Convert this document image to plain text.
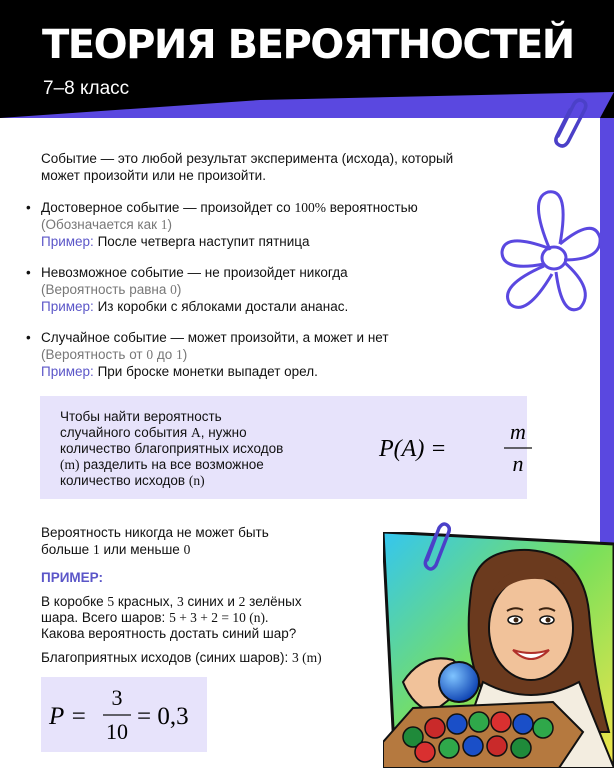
ТЕОРИЯ ВЕРОЯТНОСТЕЙ
7–8 класс
Событие — это любой результат эксперимента (исхода), который может произойти или не произойти.
• Достоверное событие — произойдет со 100% вероятностью
(Обозначается как 1)
Пример: После четверга наступит пятница
• Невозможное событие — не произойдет никогда
(Вероятность равна 0)
Пример: Из коробки с яблоками достали ананас.
• Случайное событие — может произойти, а может и нет
(Вероятность от 0 до 1)
Пример: При броске монетки выпадет орел.
Чтобы найти вероятность
случайного события A, нужно
количество благоприятных исходов
(m) разделить на все возможное
количество исходов (n)
P(A) =
m
n
Вероятность никогда не может быть
больше 1 или меньше 0
ПРИМЕР:
В коробке 5 красных, 3 синих и 2 зелёных
шара. Всего шаров: 5 + 3 + 2 = 10 (n).
Какова вероятность достать синий шар?
Благоприятных исходов (синих шаров): 3 (m)
P =
3
10
= 0,3
